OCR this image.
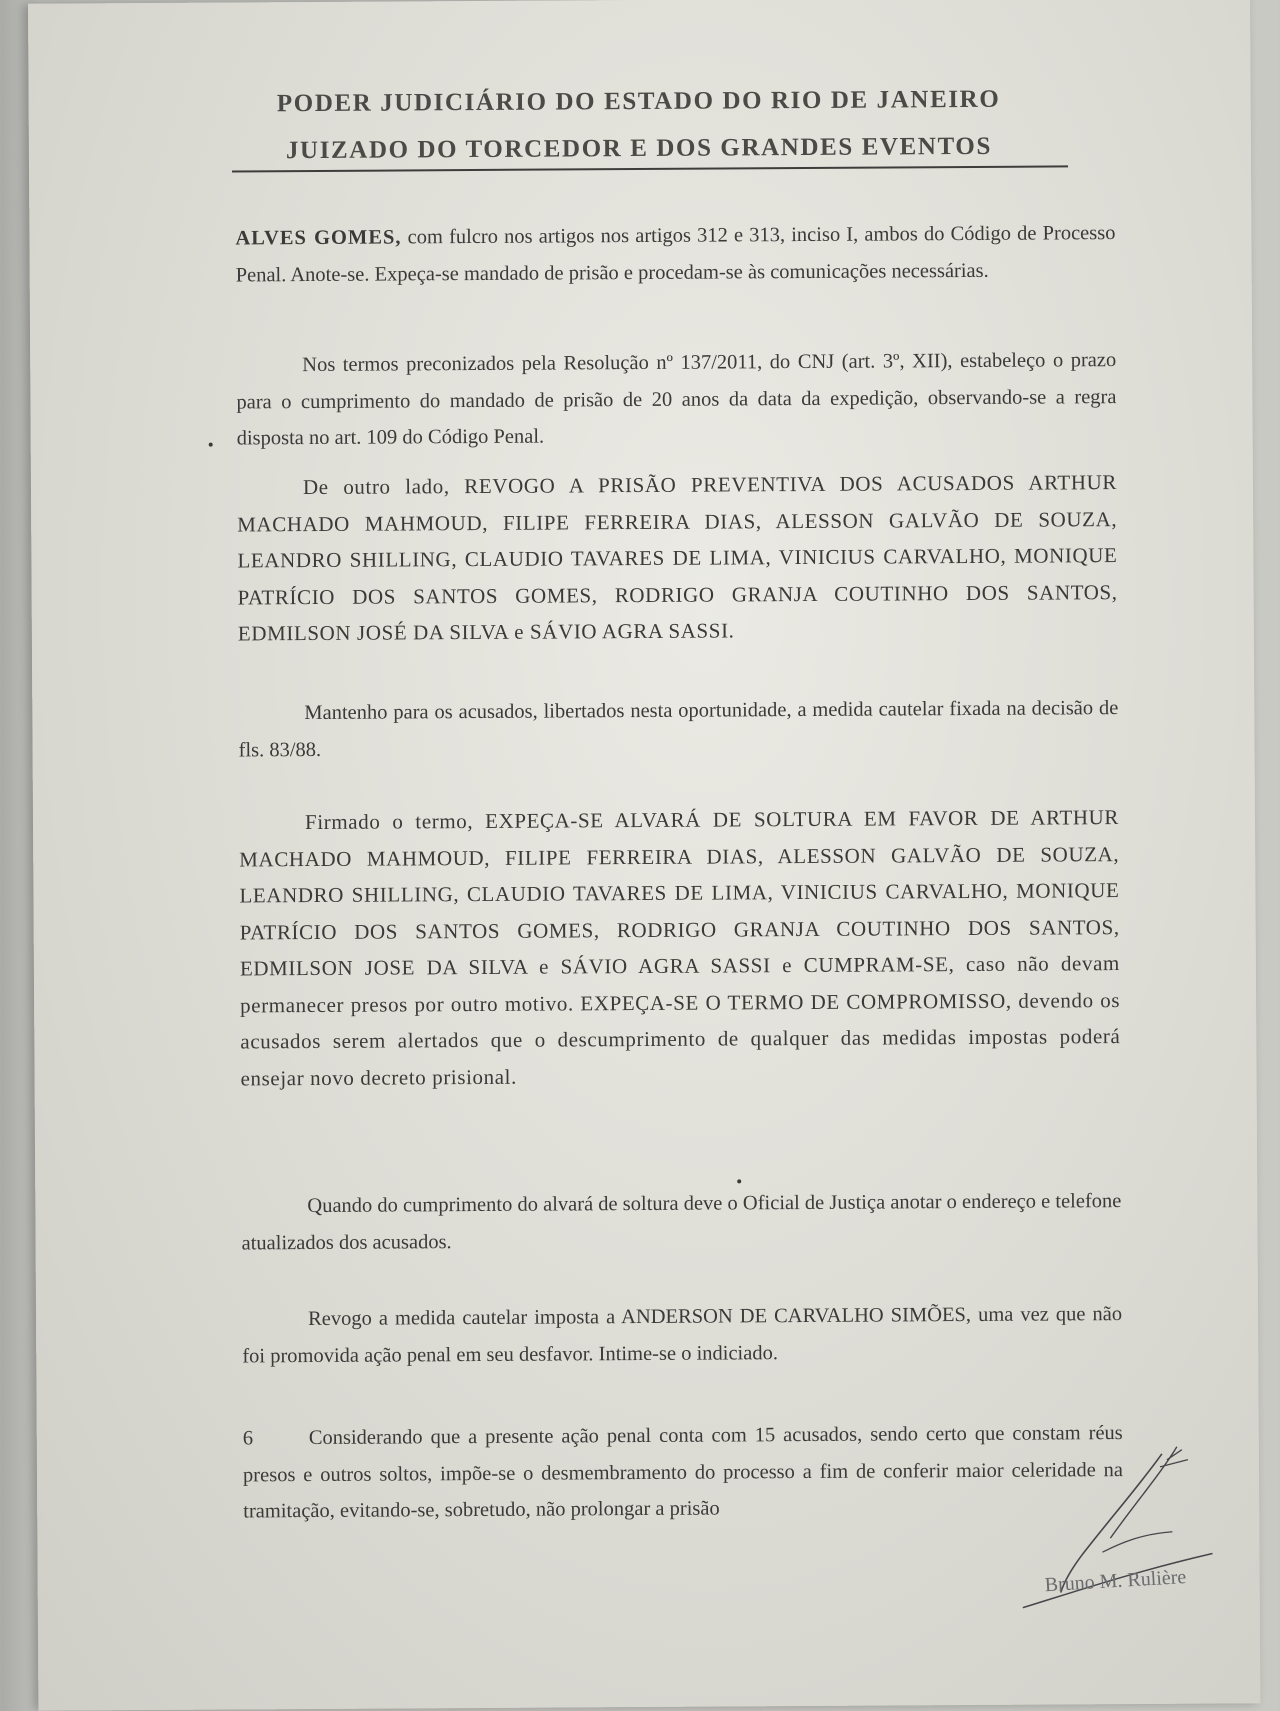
PODER JUDICIÁRIO DO ESTADO DO RIO DE JANEIRO
JUIZADO DO TORCEDOR E DOS GRANDES EVENTOS
ALVES GOMES, com fulcro nos artigos nos artigos 312 e 313, inciso I, ambos do Código de Processo Penal. Anote-se. Expeça-se mandado de prisão e procedam-se às comunicações necessárias.
Nos termos preconizados pela Resolução nº 137/2011, do CNJ (art. 3º, XII), estabeleço o prazo para o cumprimento do mandado de prisão de 20 anos da data da expedição, observando-se a regra disposta no art. 109 do Código Penal.
De outro lado, REVOGO A PRISÃO PREVENTIVA DOS ACUSADOS ARTHUR MACHADO MAHMOUD, FILIPE FERREIRA DIAS, ALESSON GALVÃO DE SOUZA, LEANDRO SHILLING, CLAUDIO TAVARES DE LIMA, VINICIUS CARVALHO, MONIQUE PATRÍCIO DOS SANTOS GOMES, RODRIGO GRANJA COUTINHO DOS SANTOS, EDMILSON JOSÉ DA SILVA e SÁVIO AGRA SASSI.
Mantenho para os acusados, libertados nesta oportunidade, a medida cautelar fixada na decisão de fls. 83/88.
Firmado o termo, EXPEÇA-SE ALVARÁ DE SOLTURA EM FAVOR DE ARTHUR MACHADO MAHMOUD, FILIPE FERREIRA DIAS, ALESSON GALVÃO DE SOUZA, LEANDRO SHILLING, CLAUDIO TAVARES DE LIMA, VINICIUS CARVALHO, MONIQUE PATRÍCIO DOS SANTOS GOMES, RODRIGO GRANJA COUTINHO DOS SANTOS, EDMILSON JOSE DA SILVA e SÁVIO AGRA SASSI e CUMPRAM-SE, caso não devam permanecer presos por outro motivo. EXPEÇA-SE O TERMO DE COMPROMISSO, devendo os acusados serem alertados que o descumprimento de qualquer das medidas impostas poderá ensejar novo decreto prisional.
Quando do cumprimento do alvará de soltura deve o Oficial de Justiça anotar o endereço e telefone atualizados dos acusados.
Revogo a medida cautelar imposta a ANDERSON DE CARVALHO SIMÕES, uma vez que não foi promovida ação penal em seu desfavor. Intime-se o indiciado.
6	Considerando que a presente ação penal conta com 15 acusados, sendo certo que constam réus presos e outros soltos, impõe-se o desmembramento do processo a fim de conferir maior celeridade na tramitação, evitando-se, sobretudo, não prolongar a prisão
Bruno M. Rulière
